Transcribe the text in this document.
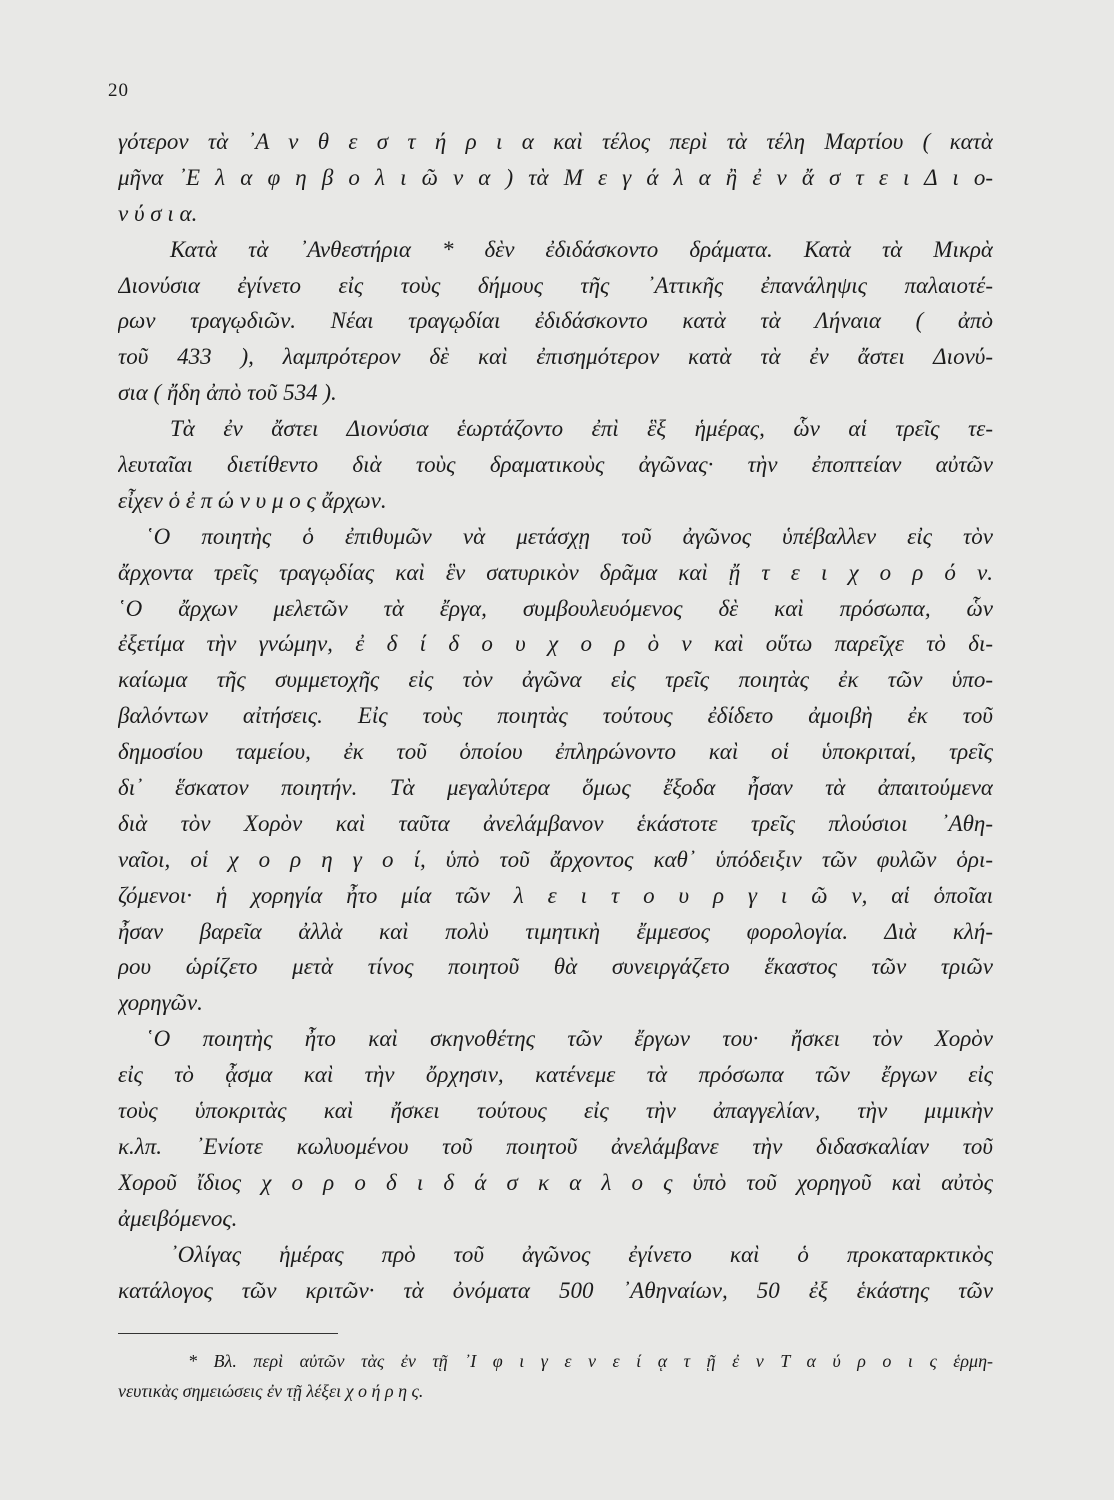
20
γότερον τὰ ᾿Α ν θ ε σ τ ή ρ ι α καὶ τέλος περὶ τὰ τέλη Μαρτίου ( κατὰ
μῆνα ᾿Ε λ α φ η β ο λ ι ῶ ν α ) τὰ Μ ε γ ά λ α ἢ ἐ ν ἄ σ τ ε ι Δ ι ο-
ν ύ σ ι α.
Κατὰ τὰ ᾿Ανθεστήρια * δὲν ἐδιδάσκοντο δράματα. Κατὰ τὰ Μικρὰ
Διονύσια ἐγίνετο εἰς τοὺς δήμους τῆς ᾿Αττικῆς ἐπανάληψις παλαιοτέ-
ρων τραγῳδιῶν. Νέαι τραγῳδίαι ἐδιδάσκοντο κατὰ τὰ Λήναια ( ἀπὸ
τοῦ 433 ), λαμπρότερον δὲ καὶ ἐπισημότερον κατὰ τὰ ἐν ἄστει Διονύ-
σια ( ἤδη ἀπὸ τοῦ 534 ).
Τὰ ἐν ἄστει Διονύσια ἑωρτάζοντο ἐπὶ ἓξ ἡμέρας, ὧν αἱ τρεῖς τε-
λευταῖαι διετίθεντο διὰ τοὺς δραματικοὺς ἀγῶνας· τὴν ἐποπτείαν αὐτῶν
εἶχεν ὁ ἐ π ώ ν υ μ ο ς ἄρχων.
῾Ο ποιητὴς ὁ ἐπιθυμῶν νὰ μετάσχῃ τοῦ ἀγῶνος ὑπέβαλλεν εἰς τὸν
ἄρχοντα τρεῖς τραγῳδίας καὶ ἓν σατυρικὸν δρᾶμα καὶ ᾔ τ ε ι χ ο ρ ό ν.
῾Ο ἄρχων μελετῶν τὰ ἔργα, συμβουλευόμενος δὲ καὶ πρόσωπα, ὧν
ἐξετίμα τὴν γνώμην, ἐ δ ί δ ο υ χ ο ρ ὸ ν καὶ οὕτω παρεῖχε τὸ δι-
καίωμα τῆς συμμετοχῆς εἰς τὸν ἀγῶνα εἰς τρεῖς ποιητὰς ἐκ τῶν ὑπο-
βαλόντων αἰτήσεις. Εἰς τοὺς ποιητὰς τούτους ἐδίδετο ἀμοιβὴ ἐκ τοῦ
δημοσίου ταμείου, ἐκ τοῦ ὁποίου ἐπληρώνοντο καὶ οἱ ὑποκριταί, τρεῖς
δι᾿ ἕσκατον ποιητήν. Τὰ μεγαλύτερα ὅμως ἔξοδα ἦσαν τὰ ἀπαιτούμενα
διὰ τὸν Χορὸν καὶ ταῦτα ἀνελάμβανον ἑκάστοτε τρεῖς πλούσιοι ᾿Αθη-
ναῖοι, οἱ χ ο ρ η γ ο ί, ὑπὸ τοῦ ἄρχοντος καθ᾿ ὑπόδειξιν τῶν φυλῶν ὁρι-
ζόμενοι· ἡ χορηγία ἦτο μία τῶν λ ε ι τ ο υ ρ γ ι ῶ ν, αἱ ὁποῖαι
ἦσαν βαρεῖα ἀλλὰ καὶ πολὺ τιμητικὴ ἔμμεσος φορολογία. Διὰ κλή-
ρου ὡρίζετο μετὰ τίνος ποιητοῦ θὰ συνειργάζετο ἕκαστος τῶν τριῶν
χορηγῶν.
῾Ο ποιητὴς ἦτο καὶ σκηνοθέτης τῶν ἔργων του· ἤσκει τὸν Χορὸν
εἰς τὸ ᾆσμα καὶ τὴν ὄρχησιν, κατένεμε τὰ πρόσωπα τῶν ἔργων εἰς
τοὺς ὑποκριτὰς καὶ ἤσκει τούτους εἰς τὴν ἀπαγγελίαν, τὴν μιμικὴν
κ.λπ. ᾿Ενίοτε κωλυομένου τοῦ ποιητοῦ ἀνελάμβανε τὴν διδασκαλίαν τοῦ
Χοροῦ ἴδιος χ ο ρ ο δ ι δ ά σ κ α λ ο ς ὑπὸ τοῦ χορηγοῦ καὶ αὐτὸς
ἀμειβόμενος.
᾿Ολίγας ἡμέρας πρὸ τοῦ ἀγῶνος ἐγίνετο καὶ ὁ προκαταρκτικὸς
κατάλογος τῶν κριτῶν· τὰ ὀνόματα 500 ᾿Αθηναίων, 50 ἐξ ἑκάστης τῶν
* Βλ. περὶ αὐτῶν τὰς ἐν τῇ ᾿Ι φ ι γ ε ν ε ί ᾳ τ ῇ ἐ ν Τ α ύ ρ ο ι ς ἑρμη-
νευτικὰς σημειώσεις ἐν τῇ λέξει χ ο ή ρ η ς.
